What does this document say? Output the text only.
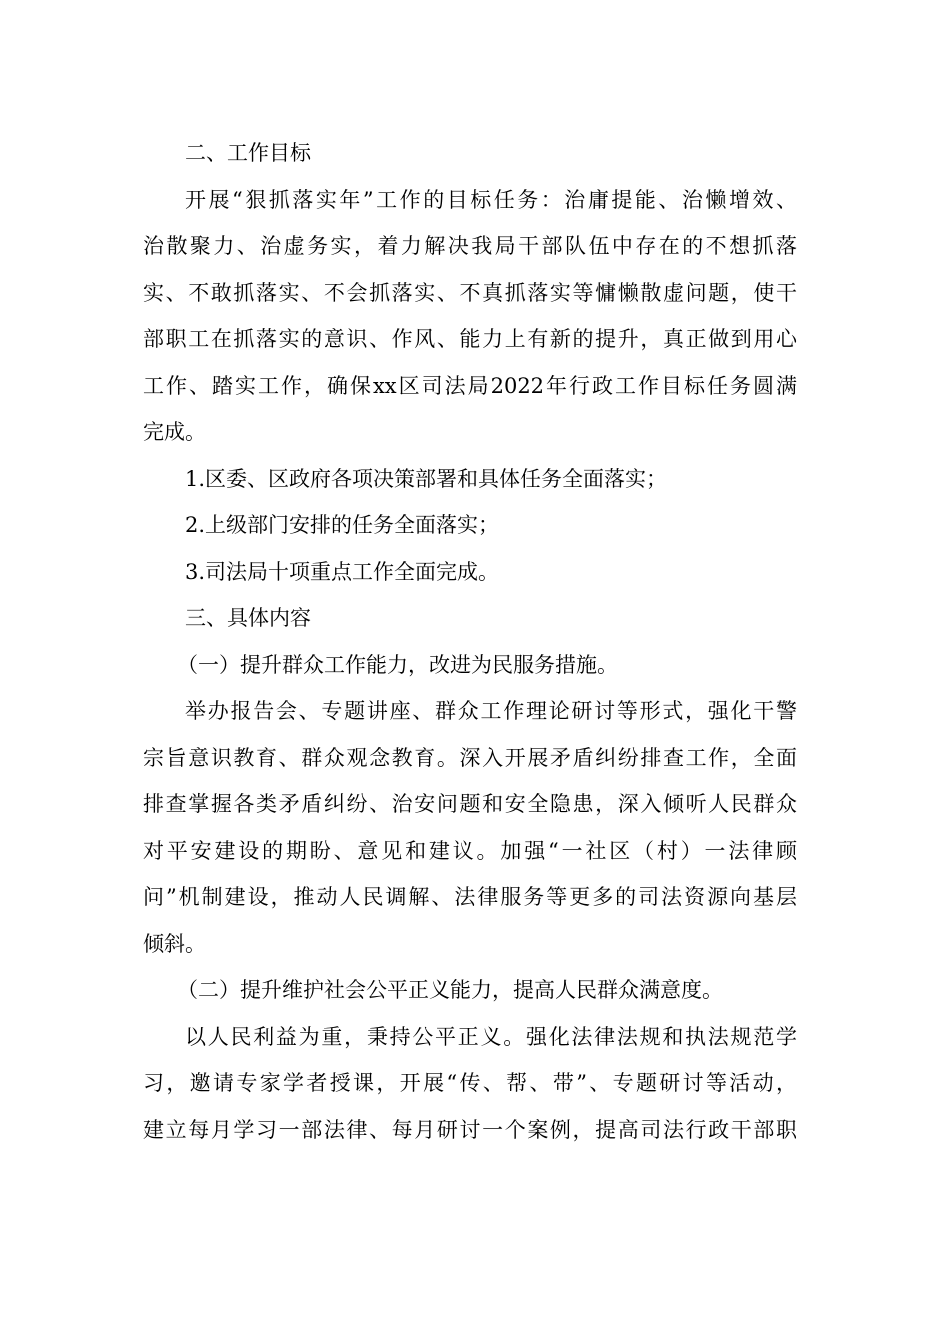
二、工作目标
开展“狠抓落实年”工作的目标任务：治庸提能、治懒增效、
治散聚力、治虚务实，着力解决我局干部队伍中存在的不想抓落
实、不敢抓落实、不会抓落实、不真抓落实等慵懒散虚问题，使干
部职工在抓落实的意识、作风、能力上有新的提升，真正做到用心
工作、踏实工作，确保xx区司法局2022年行政工作目标任务圆满
完成。
1.区委、区政府各项决策部署和具体任务全面落实；
2.上级部门安排的任务全面落实；
3.司法局十项重点工作全面完成。
三、具体内容
（一）提升群众工作能力，改进为民服务措施。
举办报告会、专题讲座、群众工作理论研讨等形式，强化干警
宗旨意识教育、群众观念教育。深入开展矛盾纠纷排查工作，全面
排查掌握各类矛盾纠纷、治安问题和安全隐患，深入倾听人民群众
对平安建设的期盼、意见和建议。加强“一社区（村）一法律顾
问”机制建设，推动人民调解、法律服务等更多的司法资源向基层
倾斜。
（二）提升维护社会公平正义能力，提高人民群众满意度。
以人民利益为重，秉持公平正义。强化法律法规和执法规范学
习，邀请专家学者授课，开展“传、帮、带”、专题研讨等活动，
建立每月学习一部法律、每月研讨一个案例，提高司法行政干部职
